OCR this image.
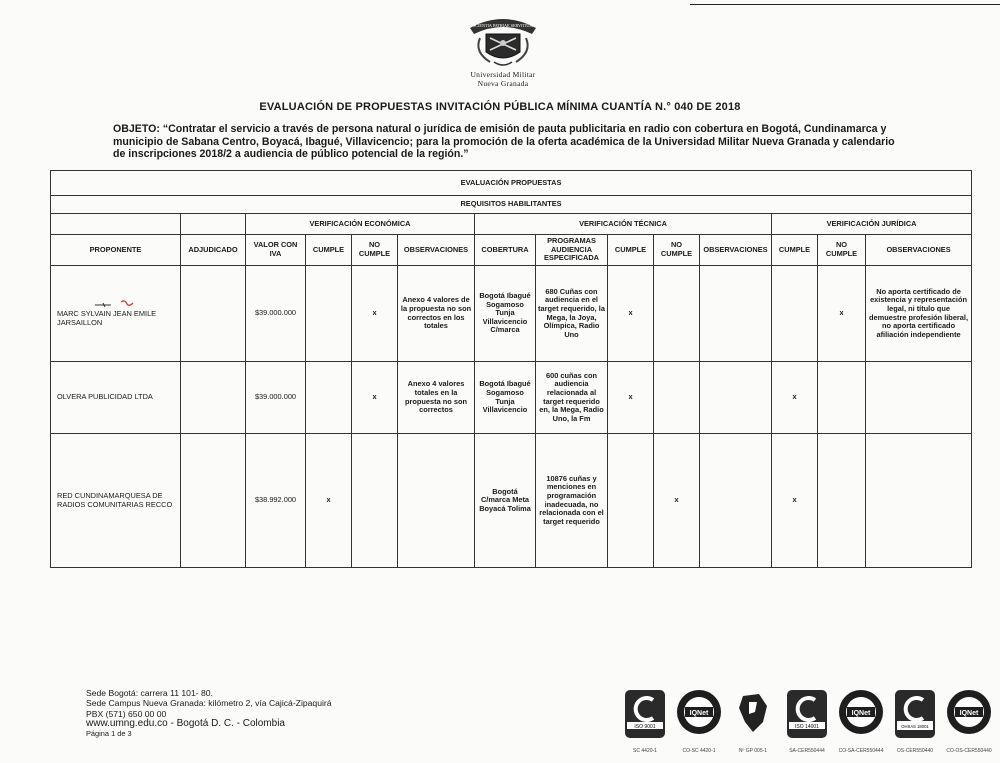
SCIENTIA PATRIAE SERVITIUM
Universidad Militar
Nueva Granada
EVALUACIÓN DE PROPUESTAS INVITACIÓN PÚBLICA MÍNIMA CUANTÍA N.° 040 DE 2018
OBJETO: “Contratar el servicio a través de persona natural o jurídica de emisión de pauta publicitaria en radio con cobertura en Bogotá, Cundinamarca y municipio de Sabana Centro, Boyacá, Ibagué, Villavicencio; para la promoción de la oferta académica de la Universidad Militar Nueva Granada y calendario de inscripciones 2018/2 a audiencia de público potencial de la región.”
EVALUACIÓN PROPUESTAS													
REQUISITOS HABILITANTES													
		VERIFICACIÓN ECONÓMICA				VERIFICACIÓN TÉCNICA					VERIFICACIÓN JURÍDICA		
PROPONENTE	ADJUDICADO	VALOR CON IVA	CUMPLE	NO CUMPLE	OBSERVACIONES	COBERTURA	PROGRAMAS AUDIENCIA ESPECIFICADA	CUMPLE	NO CUMPLE	OBSERVACIONES	CUMPLE	NO CUMPLE	OBSERVACIONES

MARC SYLVAIN JEAN EMILE JARSAILLON		$39.000.000		x	Anexo 4 valores de la propuesta no son correctos en los totales	Bogotá Ibagué Sogamoso Tunja Villavicencio C/marca	680 Cuñas con audiencia en el target requerido, la Mega, la Joya, Olímpica, Radio Uno	x				x	No aporta certificado de existencia y representación legal, ni título que demuestre profesión liberal, no aporta certificado afiliación independiente
OLVERA PUBLICIDAD LTDA		$39.000.000		x	Anexo 4 valores totales en la propuesta no son correctos	Bogotá Ibagué Sogamoso Tunja Villavicencio	600 cuñas con audiencia relacionada al target requerido en, la Mega, Radio Uno, la Fm	x			x		
RED CUNDINAMARQUESA DE RADIOS COMUNITARIAS RECCO		$38.992.000	x			Bogotá C/marca Meta Boyacá Tolima	10876 cuñas y menciones en programación inadecuada, no relacionada con el target requerido		x		x		
Sede Bogotá: carrera 11 101- 80.
Sede Campus Nueva Granada: kilómetro 2, vía Cajicá-Zipaquirá
PBX (571) 650 00 00
www.umng.edu.co - Bogotá D. C. - Colombia
Página 1 de 3
ISO 9001
SC 4420-1
IQNet
CO-SC 4420-1	Nº GP 005-1
ISO 14001
SA-CER550444
IQNet
CO-SA-CER550444
OHSAS 18001
OS-CER550440
IQNet
CO-OS-CER550440
